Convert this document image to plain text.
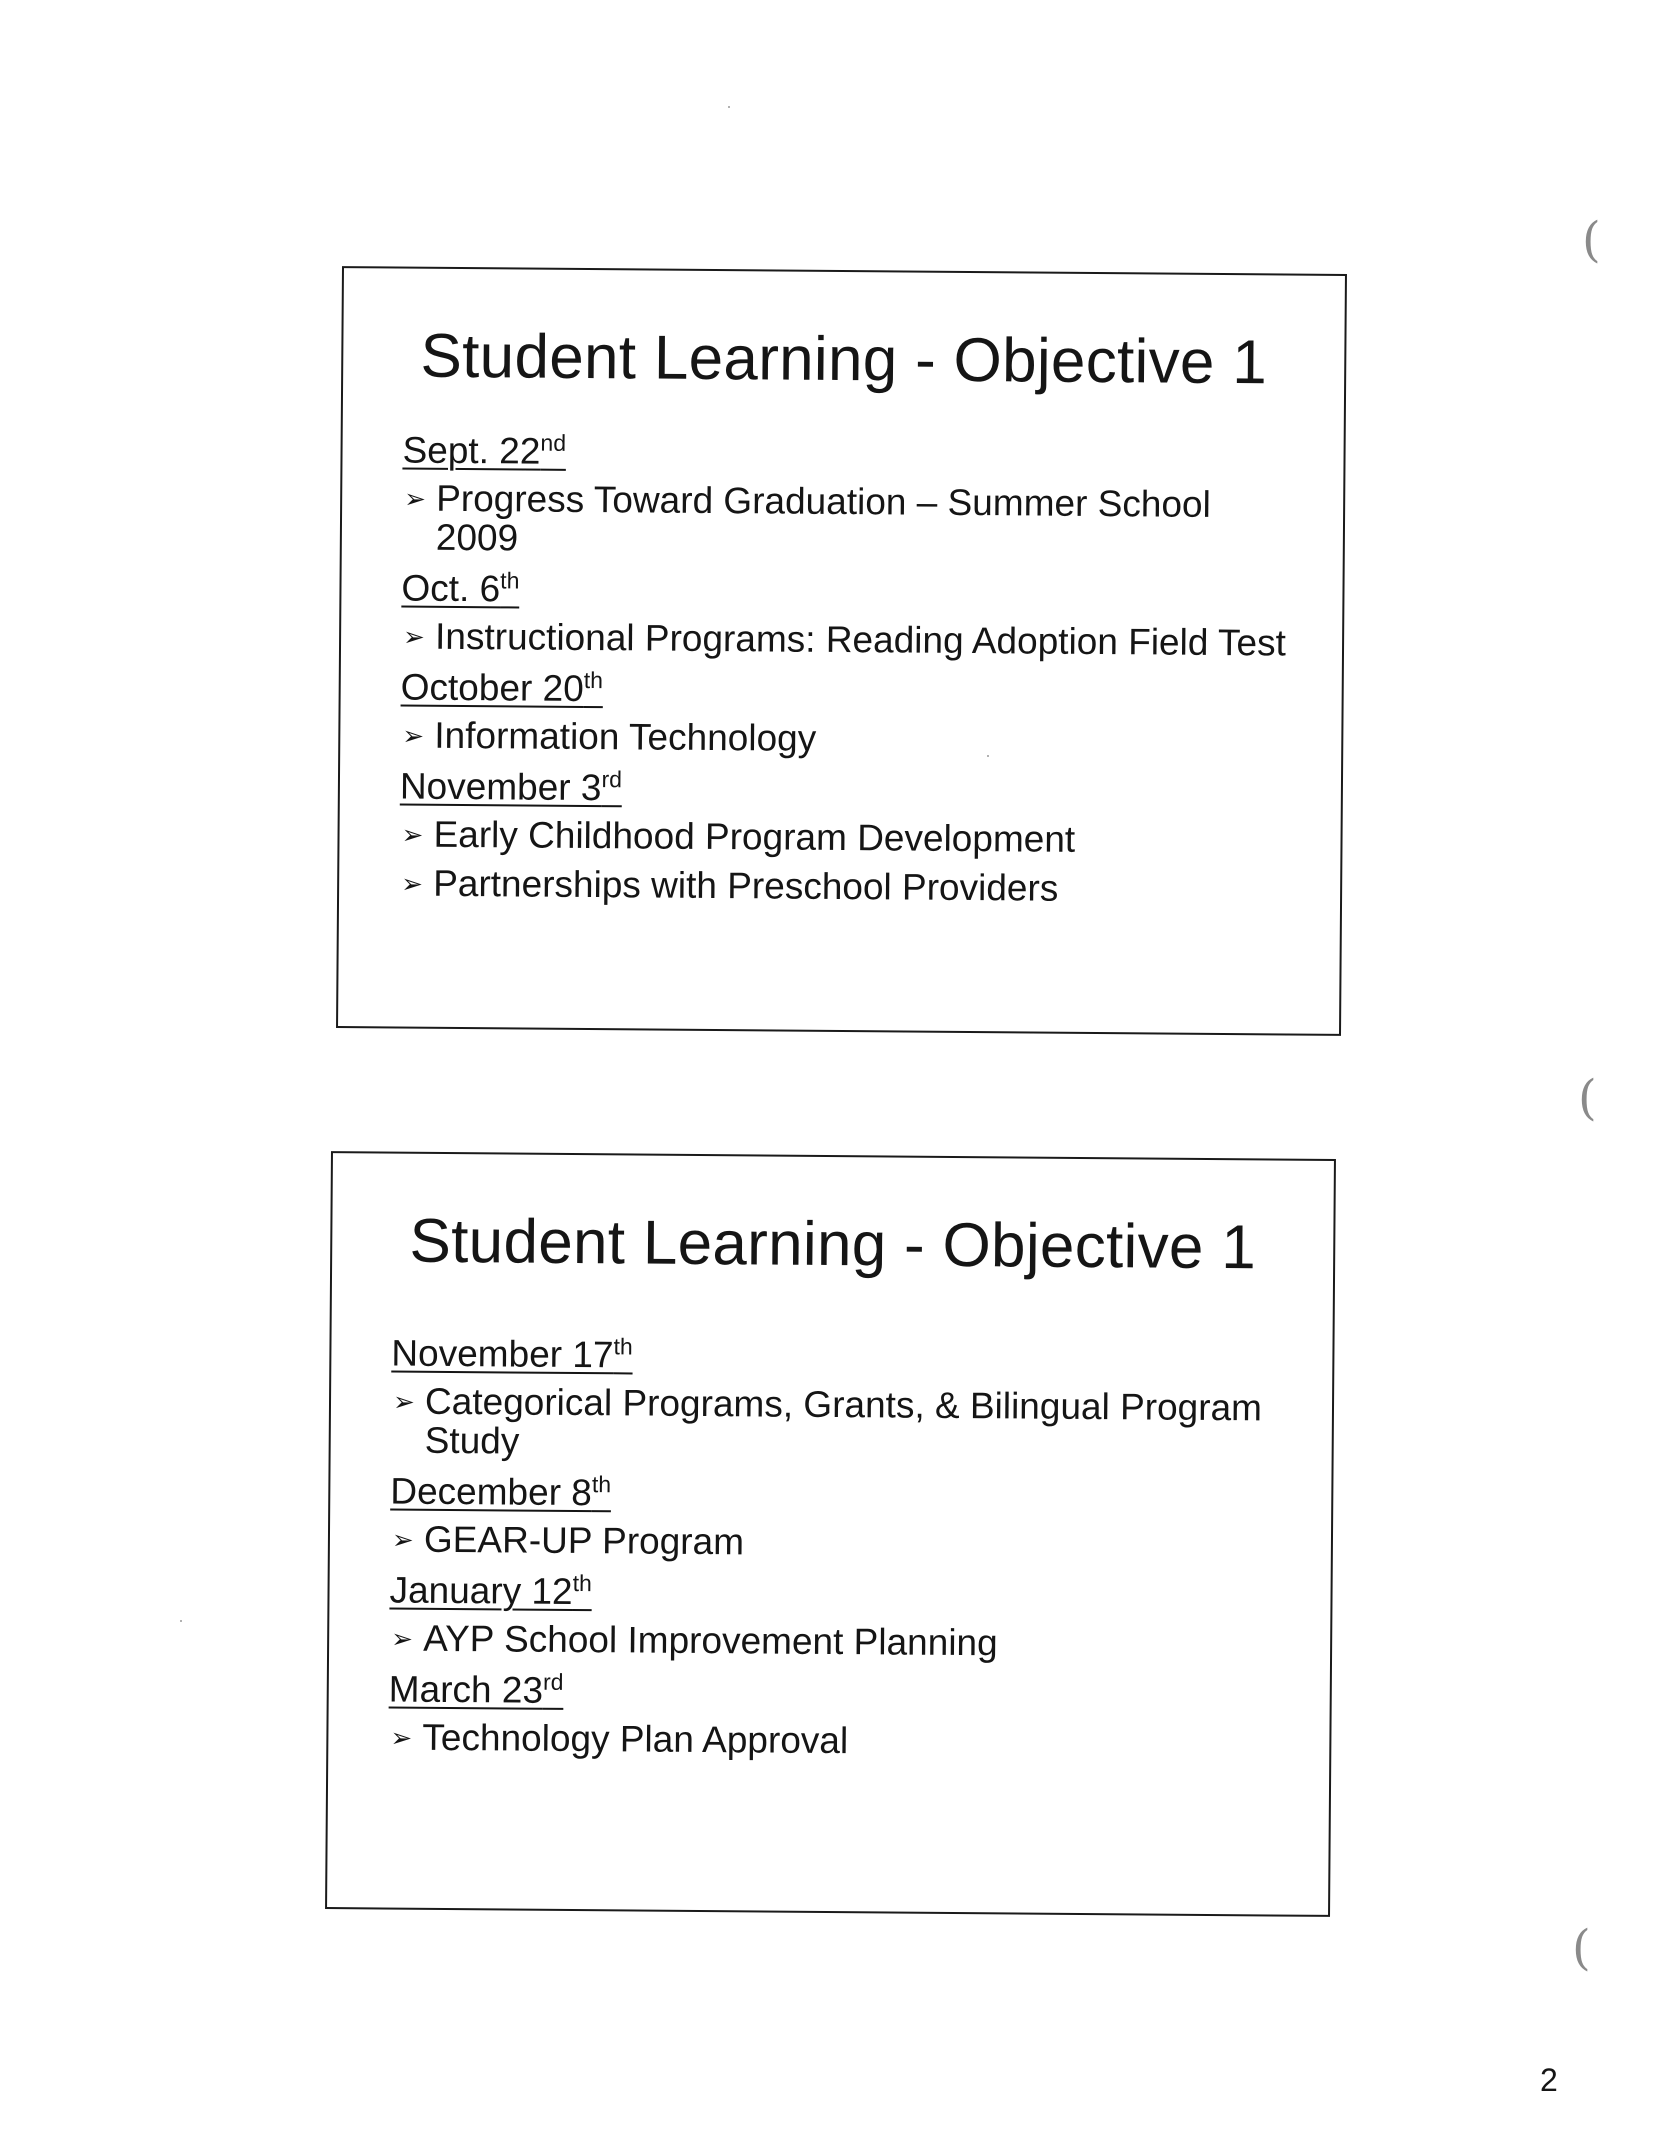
Student Learning - Objective 1
Sept. 22nd
➢ Progress Toward Graduation – Summer School 2009
Oct. 6th
➢ Instructional Programs: Reading Adoption Field Test
October 20th
➢ Information Technology
November 3rd
➢ Early Childhood Program Development
➢ Partnerships with Preschool Providers
Student Learning - Objective 1
November 17th
➢ Categorical Programs, Grants, & Bilingual Program Study
December 8th
➢ GEAR-UP Program
January 12th
➢ AYP School Improvement Planning
March 23rd
➢ Technology Plan Approval
(
(
(
2
